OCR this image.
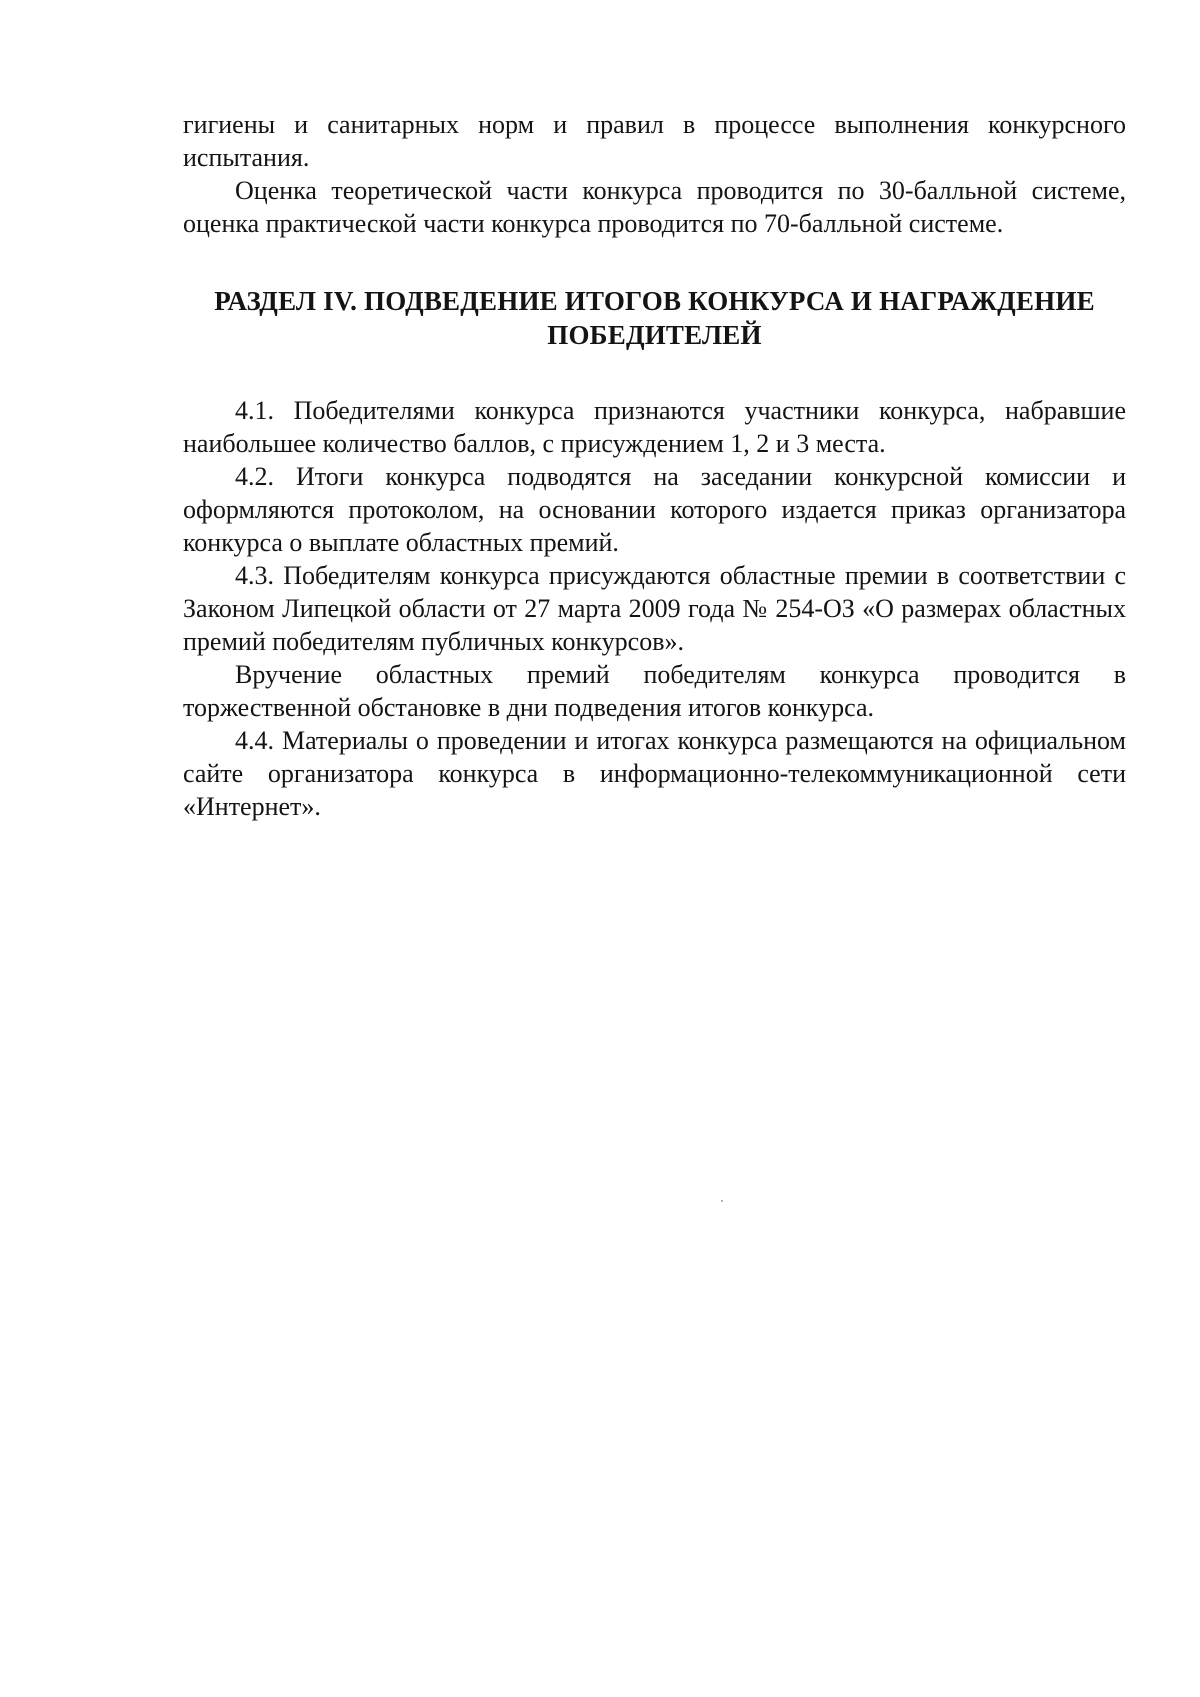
гигиены и санитарных норм и правил в процессе выполнения конкурсного испытания.

Оценка теоретической части конкурса проводится по 30-балльной системе, оценка практической части конкурса проводится по 70-балльной системе.

РАЗДЕЛ IV. ПОДВЕДЕНИЕ ИТОГОВ КОНКУРСА И НАГРАЖДЕНИЕ ПОБЕДИТЕЛЕЙ

4.1. Победителями конкурса признаются участники конкурса, набравшие наибольшее количество баллов, с присуждением 1, 2 и 3 места.

4.2. Итоги конкурса подводятся на заседании конкурсной комиссии и оформляются протоколом, на основании которого издается приказ организатора конкурса о выплате областных премий.

4.3. Победителям конкурса присуждаются областные премии в соответствии с Законом Липецкой области от 27 марта 2009 года № 254-ОЗ «О размерах областных премий победителям публичных конкурсов».

Вручение областных премий победителям конкурса проводится в торжественной обстановке в дни подведения итогов конкурса.

4.4. Материалы о проведении и итогах конкурса размещаются на официальном сайте организатора конкурса в информационно-телекоммуникационной сети «Интернет».
